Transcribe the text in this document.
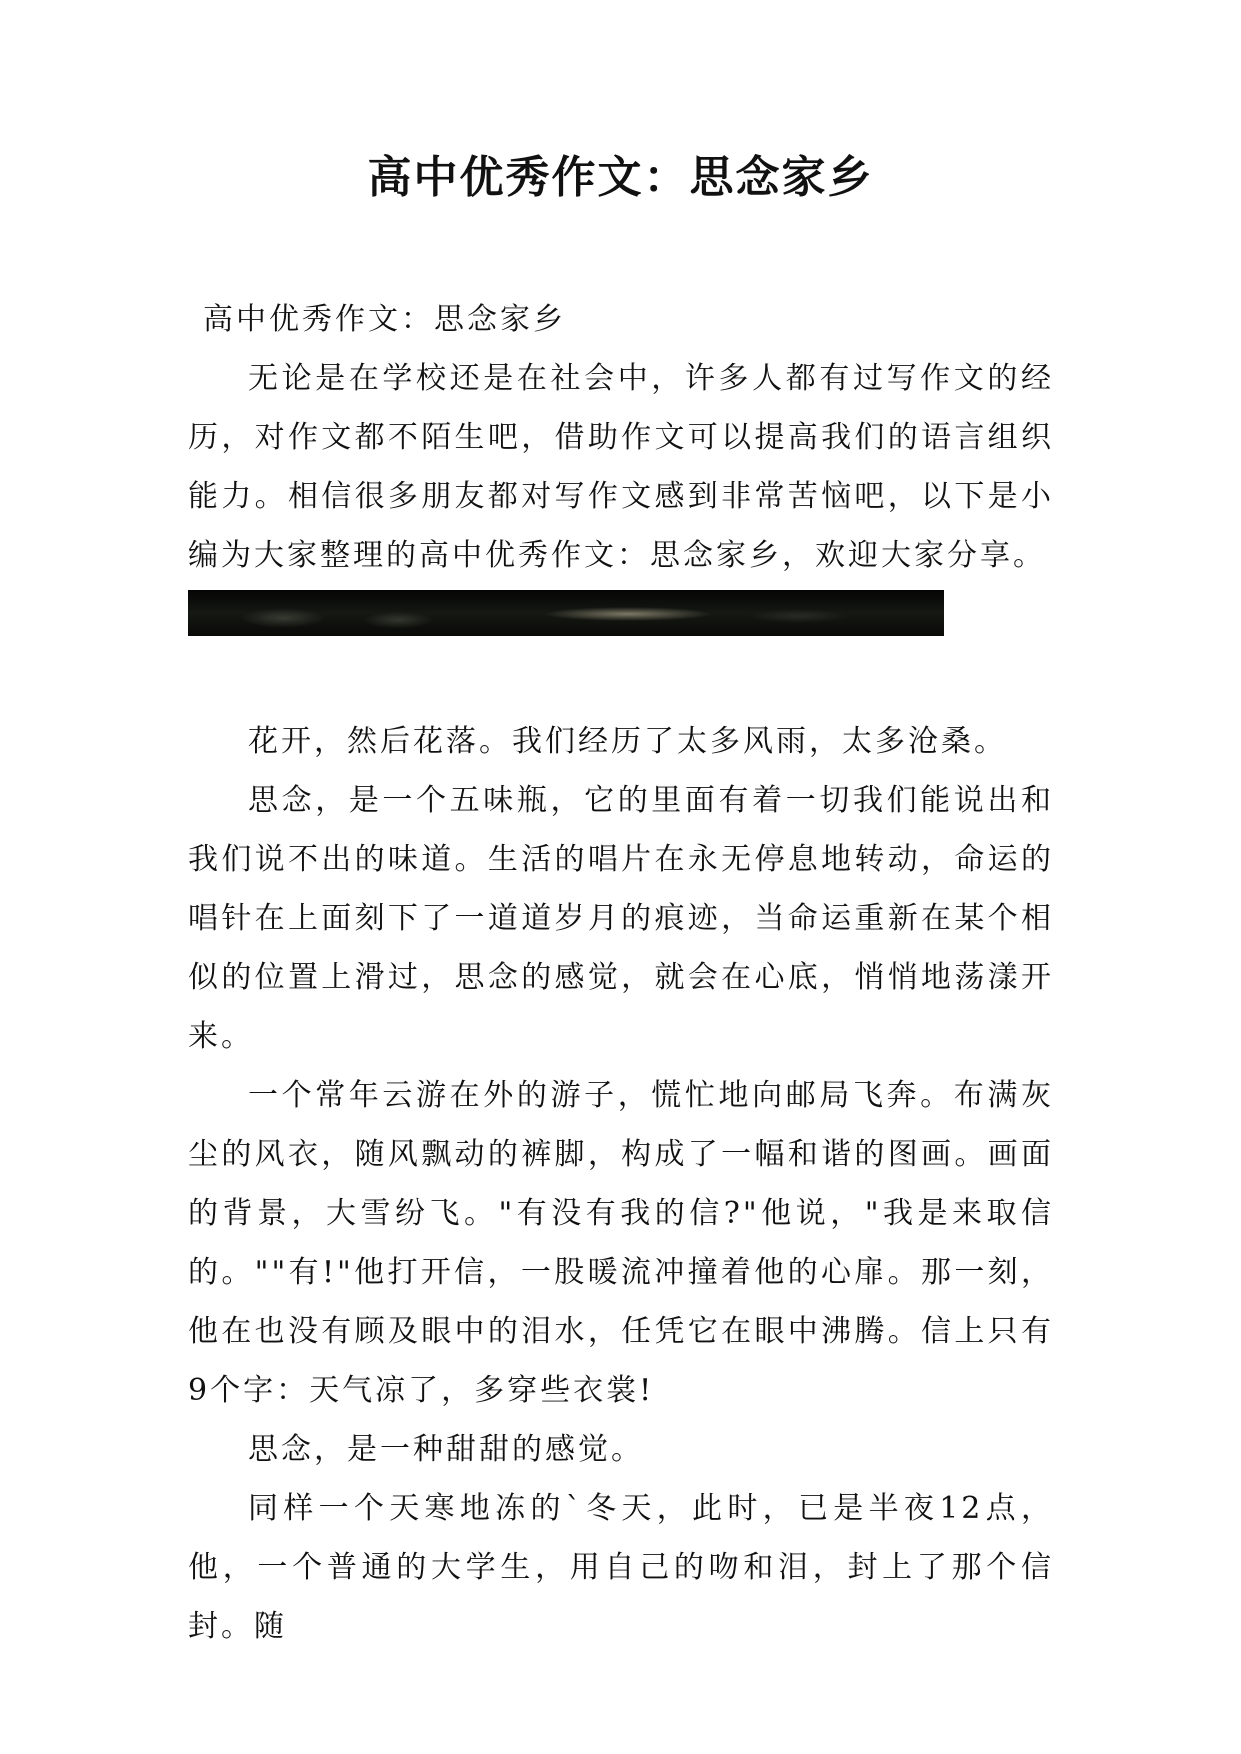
高中优秀作文：思念家乡

高中优秀作文：思念家乡

无论是在学校还是在社会中，许多人都有过写作文的经历，对作文都不陌生吧，借助作文可以提高我们的语言组织能力。相信很多朋友都对写作文感到非常苦恼吧，以下是小编为大家整理的高中优秀作文：思念家乡，欢迎大家分享。

花开，然后花落。我们经历了太多风雨，太多沧桑。

思念，是一个五味瓶，它的里面有着一切我们能说出和我们说不出的味道。生活的唱片在永无停息地转动，命运的唱针在上面刻下了一道道岁月的痕迹，当命运重新在某个相似的位置上滑过，思念的感觉，就会在心底，悄悄地荡漾开来。

一个常年云游在外的游子，慌忙地向邮局飞奔。布满灰尘的风衣，随风飘动的裤脚，构成了一幅和谐的图画。画面的背景，大雪纷飞。"有没有我的信?"他说，"我是来取信的。""有!"他打开信，一股暖流冲撞着他的心扉。那一刻，他在也没有顾及眼中的泪水，任凭它在眼中沸腾。信上只有9个字：天气凉了，多穿些衣裳!

思念，是一种甜甜的感觉。

同样一个天寒地冻的`冬天，此时，已是半夜12点，他，一个普通的大学生，用自己的吻和泪，封上了那个信封。随
